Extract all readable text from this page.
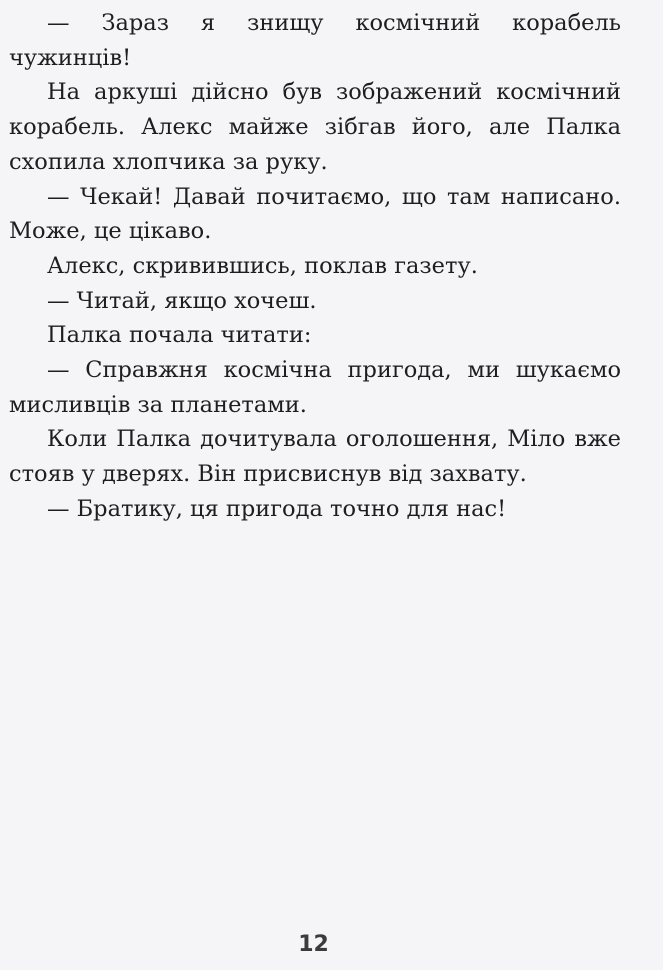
— Зараз я знищу космічний корабель чужинців!

На аркуші дійсно був зображений космічний корабель. Алекс майже зібгав його, але Палка схопила хлопчика за руку.

— Чекай! Давай почитаємо, що там написано. Може, це цікаво.

Алекс, скривившись, поклав газету.

— Читай, якщо хочеш.

Палка почала читати:

— Справжня космічна пригода, ми шукаємо мисливців за планетами.

Коли Палка дочитувала оголошення, Міло вже стояв у дверях. Він присвиснув від захвату.

— Братику, ця пригода точно для нас!

12
